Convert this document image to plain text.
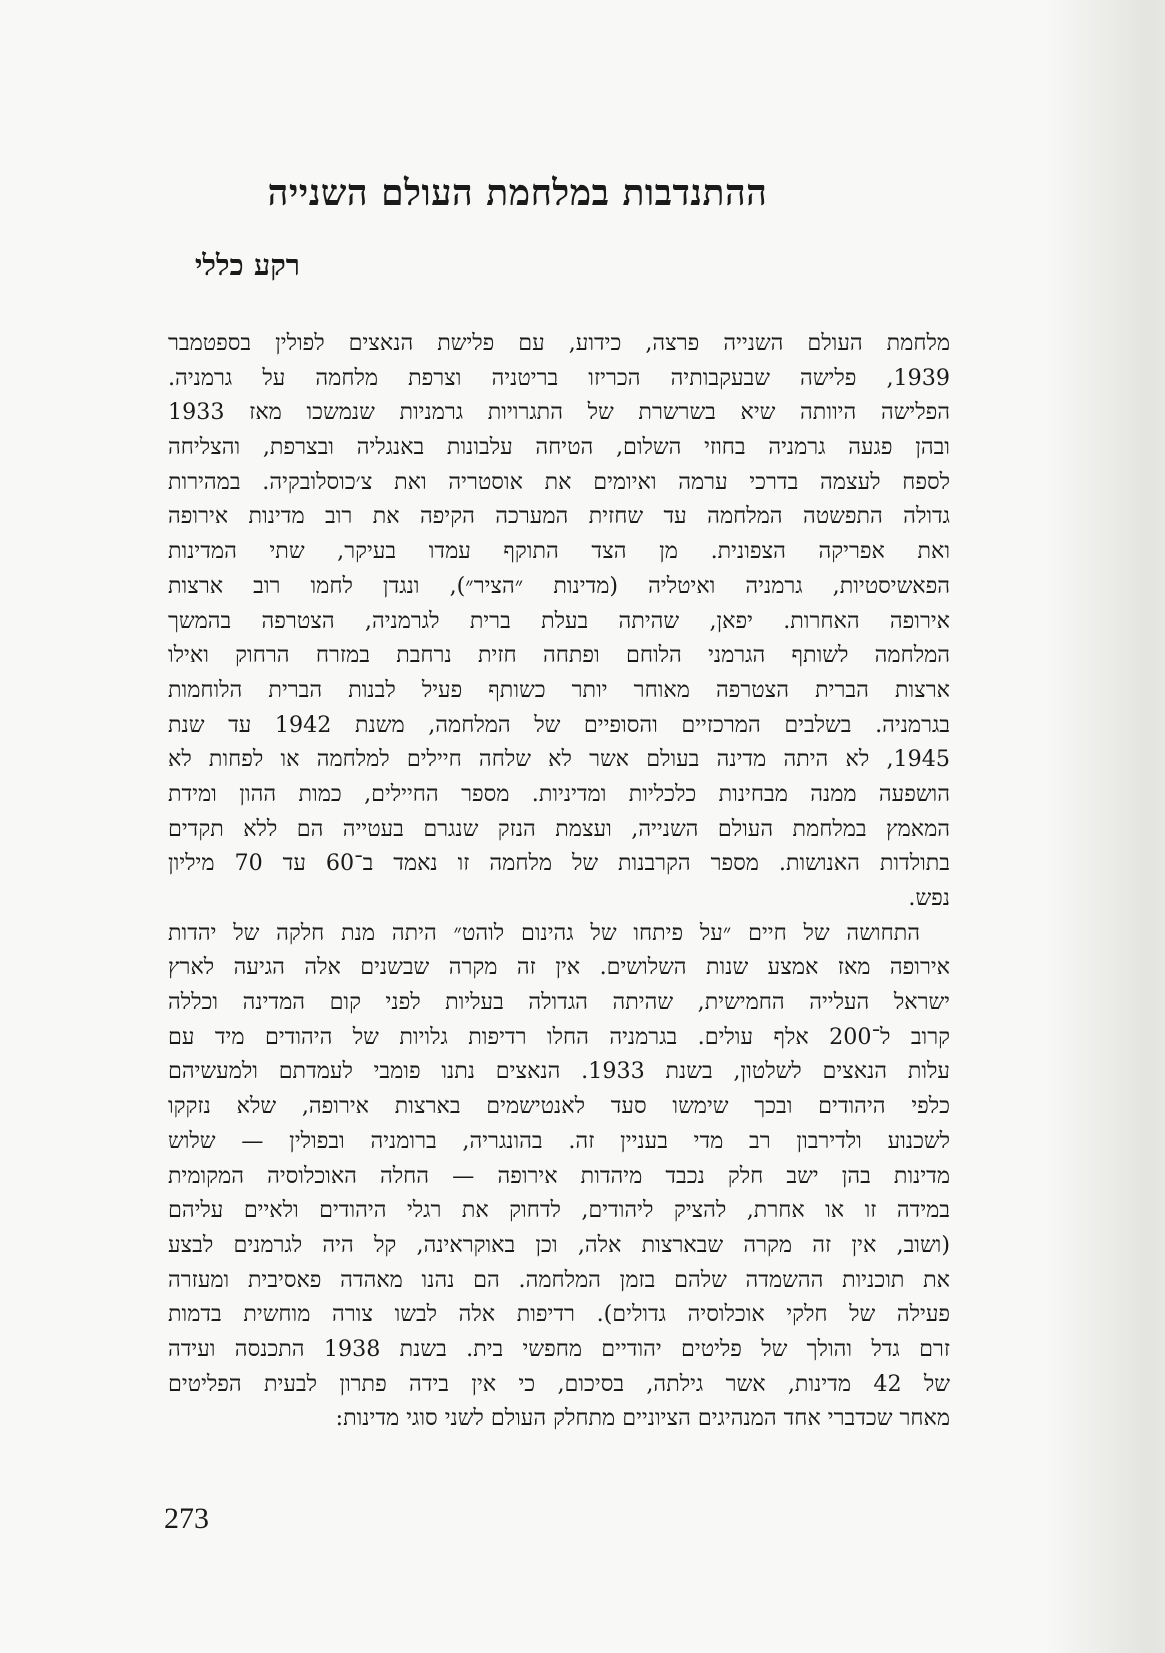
ההתנדבות במלחמת העולם השנייה
רקע כללי
מלחמת העולם השנייה פרצה, כידוע, עם פלישת הנאצים לפולין בספטמבר
1939, פלישה שבעקבותיה הכריזו בריטניה וצרפת מלחמה על גרמניה.
הפלישה היוותה שיא בשרשרת של התגרויות גרמניות שנמשכו מאז 1933
ובהן פגעה גרמניה בחוזי השלום, הטיחה עלבונות באנגליה ובצרפת, והצליחה
לספח לעצמה בדרכי ערמה ואיומים את אוסטריה ואת צ׳כוסלובקיה. במהירות
גדולה התפשטה המלחמה עד שחזית המערכה הקיפה את רוב מדינות אירופה
ואת אפריקה הצפונית. מן הצד התוקף עמדו בעיקר, שתי המדינות
הפאשיסטיות, גרמניה ואיטליה (מדינות ״הציר״), ונגדן לחמו רוב ארצות
אירופה האחרות. יפאן, שהיתה בעלת ברית לגרמניה, הצטרפה בהמשך
המלחמה לשותף הגרמני הלוחם ופתחה חזית נרחבת במזרח הרחוק ואילו
ארצות הברית הצטרפה מאוחר יותר כשותף פעיל לבנות הברית הלוחמות
בגרמניה. בשלבים המרכזיים והסופיים של המלחמה, משנת 1942 עד שנת
1945, לא היתה מדינה בעולם אשר לא שלחה חיילים למלחמה או לפחות לא
הושפעה ממנה מבחינות כלכליות ומדיניות. מספר החיילים, כמות ההון ומידת
המאמץ במלחמת העולם השנייה, ועצמת הנזק שנגרם בעטייה הם ללא תקדים
בתולדות האנושות. מספר הקרבנות של מלחמה זו נאמד ב־60 עד 70 מיליון
נפש.
התחושה של חיים ״על פיתחו של גהינום לוהט״ היתה מנת חלקה של יהדות
אירופה מאז אמצע שנות השלושים. אין זה מקרה שבשנים אלה הגיעה לארץ
ישראל העלייה החמישית, שהיתה הגדולה בעליות לפני קום המדינה וכללה
קרוב ל־200 אלף עולים. בגרמניה החלו רדיפות גלויות של היהודים מיד עם
עלות הנאצים לשלטון, בשנת 1933. הנאצים נתנו פומבי לעמדתם ולמעשיהם
כלפי היהודים ובכך שימשו סעד לאנטישמים בארצות אירופה, שלא נזקקו
לשכנוע ולדירבון רב מדי בעניין זה. בהונגריה, ברומניה ובפולין — שלוש
מדינות בהן ישב חלק נכבד מיהדות אירופה — החלה האוכלוסיה המקומית
במידה זו או אחרת, להציק ליהודים, לדחוק את רגלי היהודים ולאיים עליהם
(ושוב, אין זה מקרה שבארצות אלה, וכן באוקראינה, קל היה לגרמנים לבצע
את תוכניות ההשמדה שלהם בזמן המלחמה. הם נהנו מאהדה פאסיבית ומעזרה
פעילה של חלקי אוכלוסיה גדולים). רדיפות אלה לבשו צורה מוחשית בדמות
זרם גדל והולך של פליטים יהודיים מחפשי בית. בשנת 1938 התכנסה ועידה
של 42 מדינות, אשר גילתה, בסיכום, כי אין בידה פתרון לבעית הפליטים
מאחר שכדברי אחד המנהיגים הציוניים מתחלק העולם לשני סוגי מדינות:

273
